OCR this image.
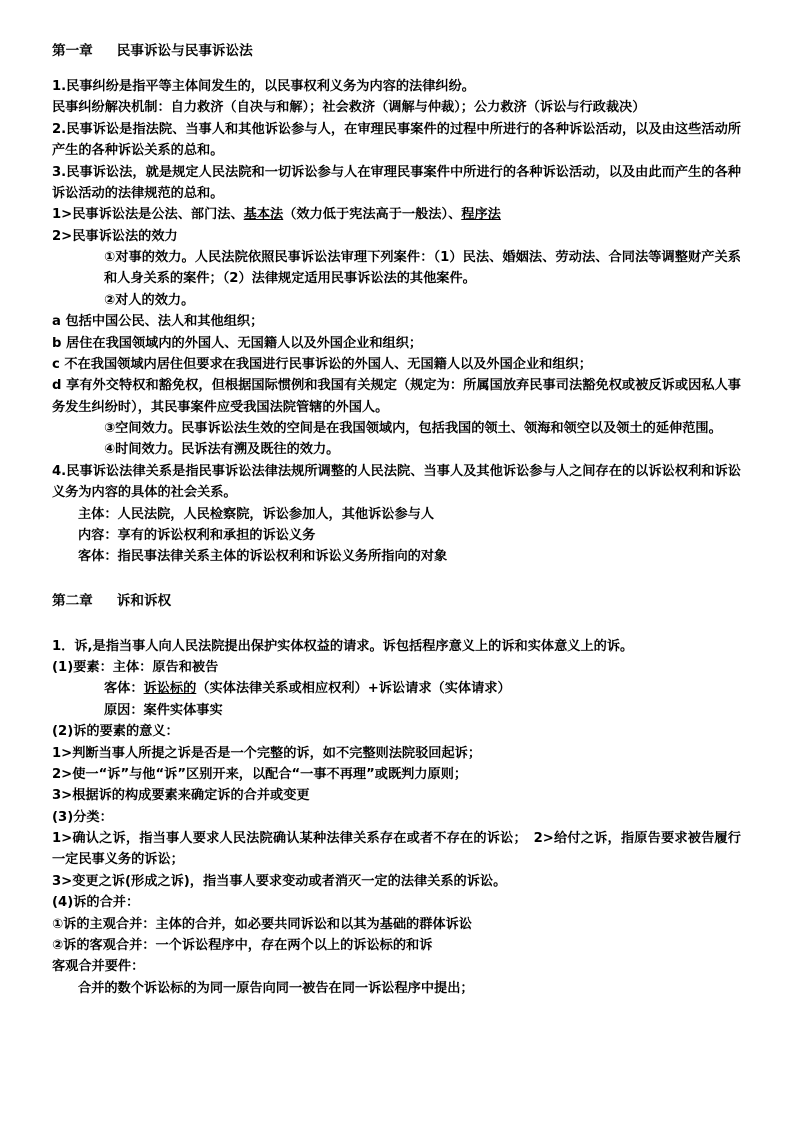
第一章 民事诉讼与民事诉讼法

1.民事纠纷是指平等主体间发生的，以民事权利义务为内容的法律纠纷。

民事纠纷解决机制：自力救济（自决与和解）；社会救济（调解与仲裁）；公力救济（诉讼与行政裁决）

2.民事诉讼是指法院、当事人和其他诉讼参与人，在审理民事案件的过程中所进行的各种诉讼活动，以及由这些活动所产生的各种诉讼关系的总和。

3.民事诉讼法，就是规定人民法院和一切诉讼参与人在审理民事案件中所进行的各种诉讼活动，以及由此而产生的各种诉讼活动的法律规范的总和。

1>民事诉讼法是公法、部门法、基本法（效力低于宪法高于一般法）、程序法

2>民事诉讼法的效力

①对事的效力。人民法院依照民事诉讼法审理下列案件：（1）民法、婚姻法、劳动法、合同法等调整财产关系和人身关系的案件；（2）法律规定适用民事诉讼法的其他案件。

②对人的效力。

a 包括中国公民、法人和其他组织；

b 居住在我国领域内的外国人、无国籍人以及外国企业和组织；

c 不在我国领域内居住但要求在我国进行民事诉讼的外国人、无国籍人以及外国企业和组织；

d 享有外交特权和豁免权，但根据国际惯例和我国有关规定（规定为：所属国放弃民事司法豁免权或被反诉或因私人事务发生纠纷时），其民事案件应受我国法院管辖的外国人。

③空间效力。民事诉讼法生效的空间是在我国领域内，包括我国的领土、领海和领空以及领土的延伸范围。

④时间效力。民诉法有溯及既往的效力。

4.民事诉讼法律关系是指民事诉讼法律法规所调整的人民法院、当事人及其他诉讼参与人之间存在的以诉讼权利和诉讼义务为内容的具体的社会关系。

主体：人民法院，人民检察院，诉讼参加人，其他诉讼参与人

内容：享有的诉讼权利和承担的诉讼义务

客体：指民事法律关系主体的诉讼权利和诉讼义务所指向的对象

第二章 诉和诉权

1．诉,是指当事人向人民法院提出保护实体权益的请求。诉包括程序意义上的诉和实体意义上的诉。

(1)要素：主体：原告和被告

客体：诉讼标的（实体法律关系或相应权利）+诉讼请求（实体请求）

原因：案件实体事实

(2)诉的要素的意义：

1>判断当事人所提之诉是否是一个完整的诉，如不完整则法院驳回起诉；

2>使一“诉”与他“诉”区别开来，以配合“一事不再理”或既判力原则；

3>根据诉的构成要素来确定诉的合并或变更

(3)分类：

1>确认之诉，指当事人要求人民法院确认某种法律关系存在或者不存在的诉讼；　2>给付之诉，指原告要求被告履行一定民事义务的诉讼；

3>变更之诉(形成之诉)，指当事人要求变动或者消灭一定的法律关系的诉讼。

(4)诉的合并：

①诉的主观合并：主体的合并，如必要共同诉讼和以其为基础的群体诉讼

②诉的客观合并：一个诉讼程序中，存在两个以上的诉讼标的和诉

客观合并要件：

合并的数个诉讼标的为同一原告向同一被告在同一诉讼程序中提出；
